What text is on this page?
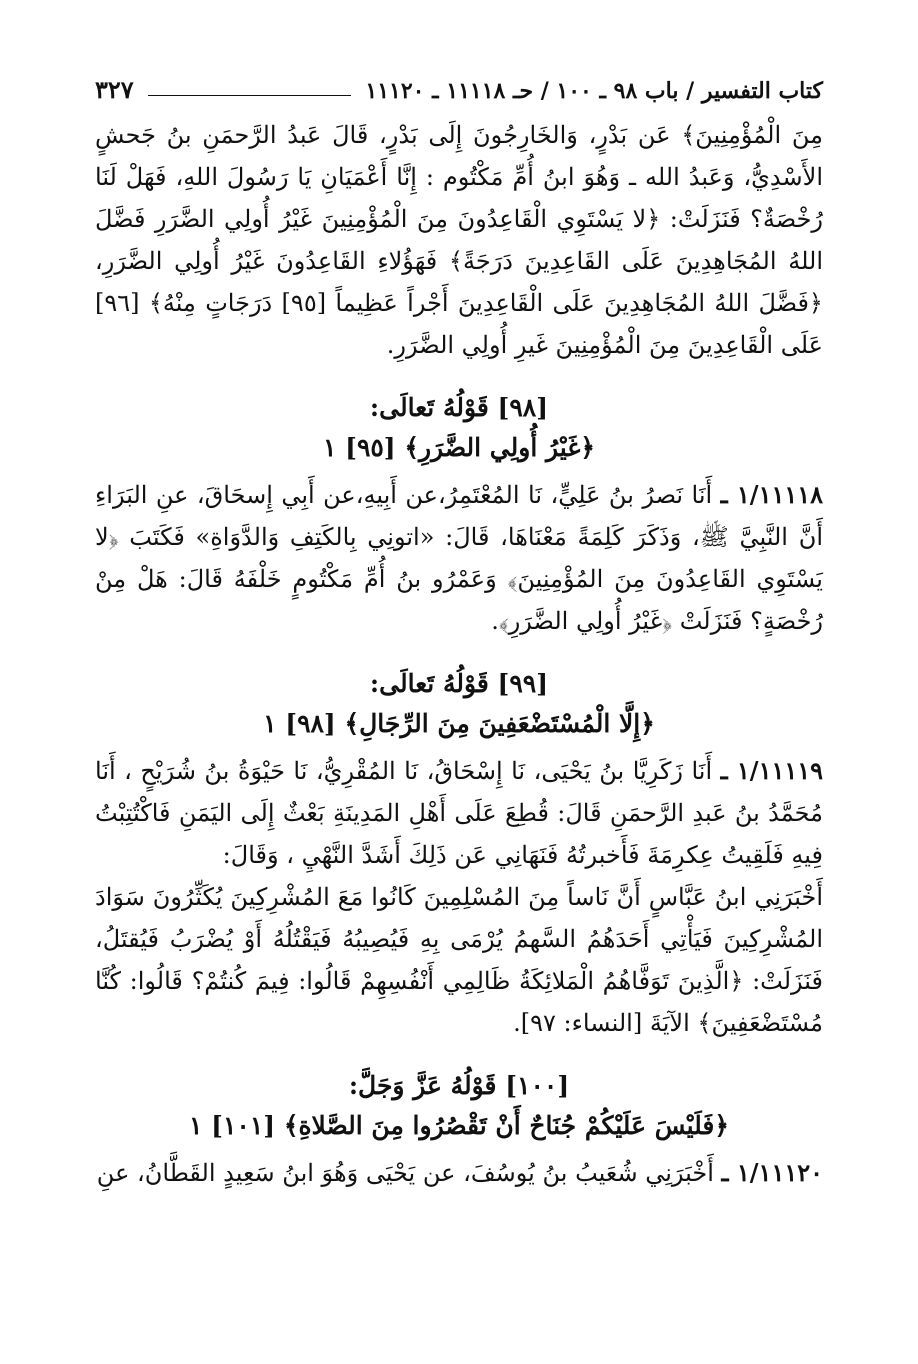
كتاب التفسير / باب ٩٨ ـ ١٠٠ / حـ ١١١١٨ ـ ١١١٢٠
٣٢٧

مِنَ الْمُؤْمِنِينَ﴾ عَن بَدْرٍ، وَالخَارِجُونَ إِلَى بَدْرٍ، قَالَ عَبدُ الرَّحمَنِ بنُ جَحشٍ الأَسْدِيُّ، وَعَبدُ الله ـ وَهُوَ ابنُ أُمِّ مَكْتُوم : إِنَّا أَعْمَيَانِ يَا رَسُولَ اللهِ، فَهَلْ لَنَا رُخْصَةٌ؟ فَنَزَلَتْ: ﴿لا يَسْتَوِي الْقَاعِدُونَ مِنَ الْمُؤْمِنِينَ غَيْرُ أُولِي الضَّرَرِ فَضَّلَ اللهُ المُجَاهِدِينَ عَلَى القَاعِدِينَ دَرَجَةً﴾ فَهَؤُلاءِ القَاعِدُونَ غَيْرُ أُولِي الضَّرَرِ، ﴿فَضَّلَ اللهُ المُجَاهِدِينَ عَلَى الْقَاعِدِينَ أَجْراً عَظِيماً [٩٥] دَرَجَاتٍ مِنْهُ﴾ [٩٦] عَلَى الْقَاعِدِينَ مِنَ الْمُؤْمِنِينَ غَيرِ أُولِي الضَّرَرِ.

[٩٨] قَوْلُهُ تَعالَى:
﴿غَيْرُ أُولِي الضَّرَرِ﴾ [٩٥] ١

١/١١١١٨ ـ أَنَا نَصرُ بنُ عَلِيٍّ، نَا المُعْتَمِرُ،عن أَبِيهِ،عن أَبِي إِسحَاقَ، عنِ البَرَاءِ أَنَّ النَّبِيَّ ﷺ، وَذَكَرَ كَلِمَةً مَعْنَاهَا، قَالَ: «اتونِي بِالكَتِفِ وَالدَّوَاةِ» فَكَتَبَ ﴿لا يَسْتَوِي القَاعِدُونَ مِنَ المُؤْمِنِينَ﴾ وَعَمْرُو بنُ أُمِّ مَكْتُومٍ خَلْفَهُ قَالَ: هَلْ مِنْ رُخْصَةٍ؟ فَنَزَلَتْ ﴿غَيْرُ أُولِي الضَّرَرِ﴾.

[٩٩] قَوْلُهُ تَعالَى:
﴿إِلَّا الْمُسْتَضْعَفِينَ مِنَ الرِّجَالِ﴾ [٩٨] ١

١/١١١١٩ ـ أَنَا زَكَرِيَّا بنُ يَحْيَى، نَا إِسْحَاقُ، نَا المُقْرِيُّ، نَا حَيْوَةُ بنُ شُرَيْحٍ ، أَنَا مُحَمَّدُ بنُ عَبدِ الرَّحمَنِ قَالَ: قُطِعَ عَلَى أَهْلِ المَدِينَةِ بَعْثٌ إِلَى اليَمَنِ فَاكْتُتِبْتُ فِيهِ فَلَقِيتُ عِكرِمَةَ فَأَخبرتُهُ فَنَهَانِي عَن ذَلِكَ أَشَدَّ النَّهْيِ ، وَقَالَ:

أَخْبَرَنِي ابنُ عَبَّاسٍ أَنَّ نَاساً مِنَ المُسْلِمِينَ كَانُوا مَعَ المُشْرِكِينَ يُكَثِّرُونَ سَوَادَ المُشْرِكِينَ فَيَأْتِي أَحَدَهُمُ السَّهمُ يُرْمَى بِهِ فَيُصِيبُهُ فَيَقْتُلُهُ أَوْ يُضْرَبُ فَيُقتَلُ، فَنَزَلَتْ: ﴿الَّذِينَ تَوَفَّاهُمُ الْمَلائِكَةُ ظَالِمِي أَنْفُسِهِمْ قَالُوا: فِيمَ كُنتُمْ؟ قَالُوا: كُنَّا مُسْتَضْعَفِينَ﴾ الآيَةَ [النساء: ٩٧].

[١٠٠] قَوْلُهُ عَزَّ وَجَلَّ:
﴿فَلَيْسَ عَلَيْكُمْ جُنَاحٌ أَنْ تَقْصُرُوا مِنَ الصَّلاةِ﴾ [١٠١] ١

١/١١١٢٠ ـ أَخْبَرَنِي شُعَيبُ بنُ يُوسُفَ، عن يَحْيَى وَهُوَ ابنُ سَعِيدٍ القَطَّانُ، عنِ
